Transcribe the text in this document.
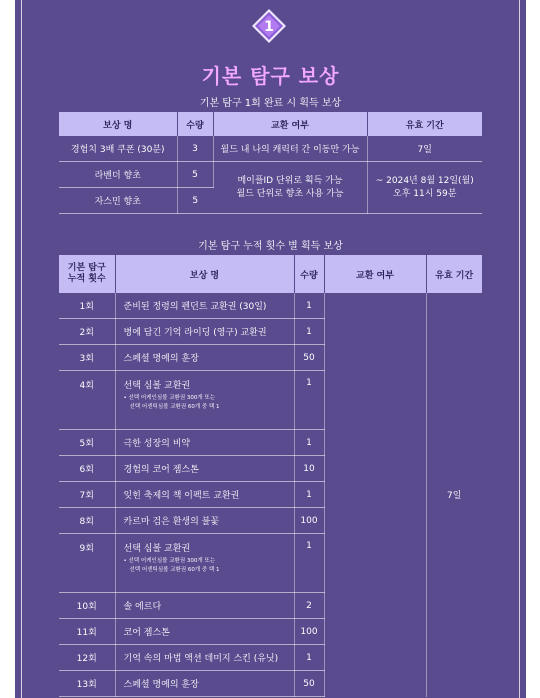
1
기본 탐구 보상
기본 탐구 1회 완료 시 획득 보상
보상 명	수량	교환 여부	유효 기간
경험치 3배 쿠폰 (30분)	3	월드 내 나의 캐릭터 간 이동만 가능	7일
라벤더 향초	5	메이플ID 단위로 획득 가능
월드 단위로 향초 사용 가능	~ 2024년 8월 12일(월)
오후 11시 59분
자스민 향초	5		
기본 탐구 누적 횟수 별 획득 보상
기본 탐구
누적 횟수	보상 명	수량	교환 여부	유효 기간
1회	준비된 정령의 펜던트 교환권 (30일)	1		7일
2회	병에 담긴 기억 라이딩 (영구) 교환권	1		
3회	스페셜 명예의 훈장	50		
4회	선택 심볼 교환권
• 선택 어케인심볼 교환권 300개 또는
선택 어센틱심볼 교환권 60개 중 택 1	1		
5회	극한 성장의 비약	1		
6회	경험의 코어 젬스톤	10		
7회	잊힌 축제의 책 이펙트 교환권	1		
8회	카르마 검은 환생의 불꽃	100		
9회	선택 심볼 교환권
• 선택 어케인심볼 교환권 300개 또는
선택 어센틱심볼 교환권 60개 중 택 1	1		
10회	솔 에르다	2		
11회	코어 젬스톤	100		
12회	기억 속의 마법 액션 데미지 스킨 (유닛)	1		
13회	스페셜 명예의 훈장	50		
